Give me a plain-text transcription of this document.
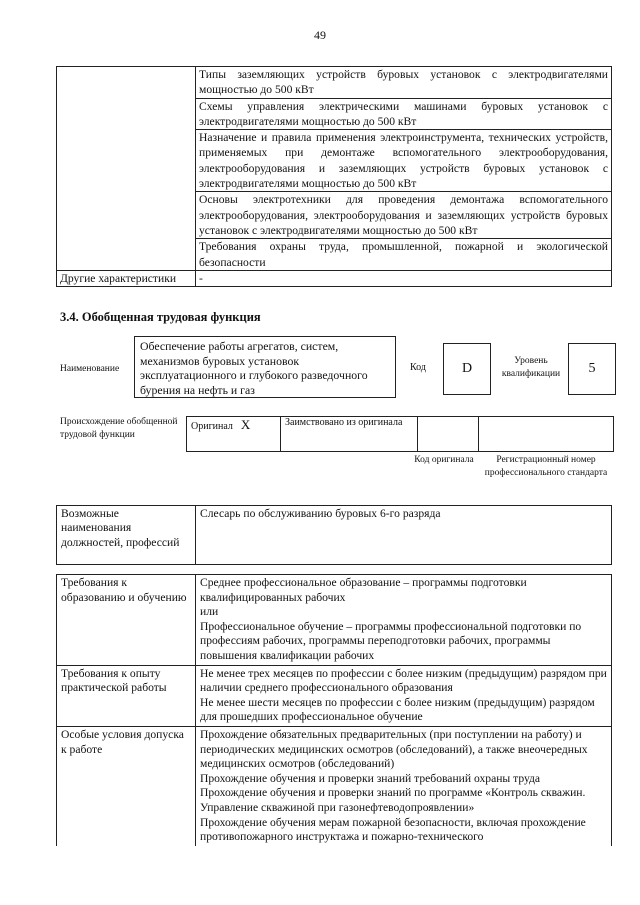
49
	Типы заземляющих устройств буровых установок с электродвигателями мощностью до 500 кВт
	Схемы управления электрическими машинами буровых установок с электродвигателями мощностью до 500 кВт
	Назначение и правила применения электроинструмента, технических устройств, применяемых при демонтаже вспомогательного электрооборудования, электрооборудования и заземляющих устройств буровых установок с электродвигателями мощностью до 500 кВт
	Основы электротехники для проведения демонтажа вспомогательного электрооборудования, электрооборудования и заземляющих устройств буровых установок с электродвигателями мощностью до 500 кВт
	Требования охраны труда, промышленной, пожарной и экологической безопасности
Другие характеристики	-
3.4. Обобщенная трудовая функция
Наименование
Обеспечение работы агрегатов, систем, механизмов буровых установок эксплуатационного и глубокого разведочного бурения на нефть и газ
Код	D	Уровень квалификации	5
Происхождение обобщенной трудовой функции
Оригинал X	Заимствовано из оригинала		
Код оригинала	Регистрационный номер профессионального стандарта
Возможные наименования должностей, профессий	Слесарь по обслуживанию буровых 6-го разряда
Требования к образованию и обучению	Среднее профессиональное образование – программы подготовки квалифицированных рабочих
или
Профессиональное обучение – программы профессиональной подготовки по профессиям рабочих, программы переподготовки рабочих, программы повышения квалификации рабочих

Требования к опыту практической работы	Не менее трех месяцев по профессии с более низким (предыдущим) разрядом при наличии среднего профессионального образования
Не менее шести месяцев по профессии с более низким (предыдущим) разрядом для прошедших профессиональное обучение

Особые условия допуска к работе	Прохождение обязательных предварительных (при поступлении на работу) и периодических медицинских осмотров (обследований), а также внеочередных медицинских осмотров (обследований)
Прохождение обучения и проверки знаний требований охраны труда
Прохождение обучения и проверки знаний по программе «Контроль скважин. Управление скважиной при газонефтеводопроявлении»
Прохождение обучения мерам пожарной безопасности, включая прохождение противопожарного инструктажа и пожарно-технического
